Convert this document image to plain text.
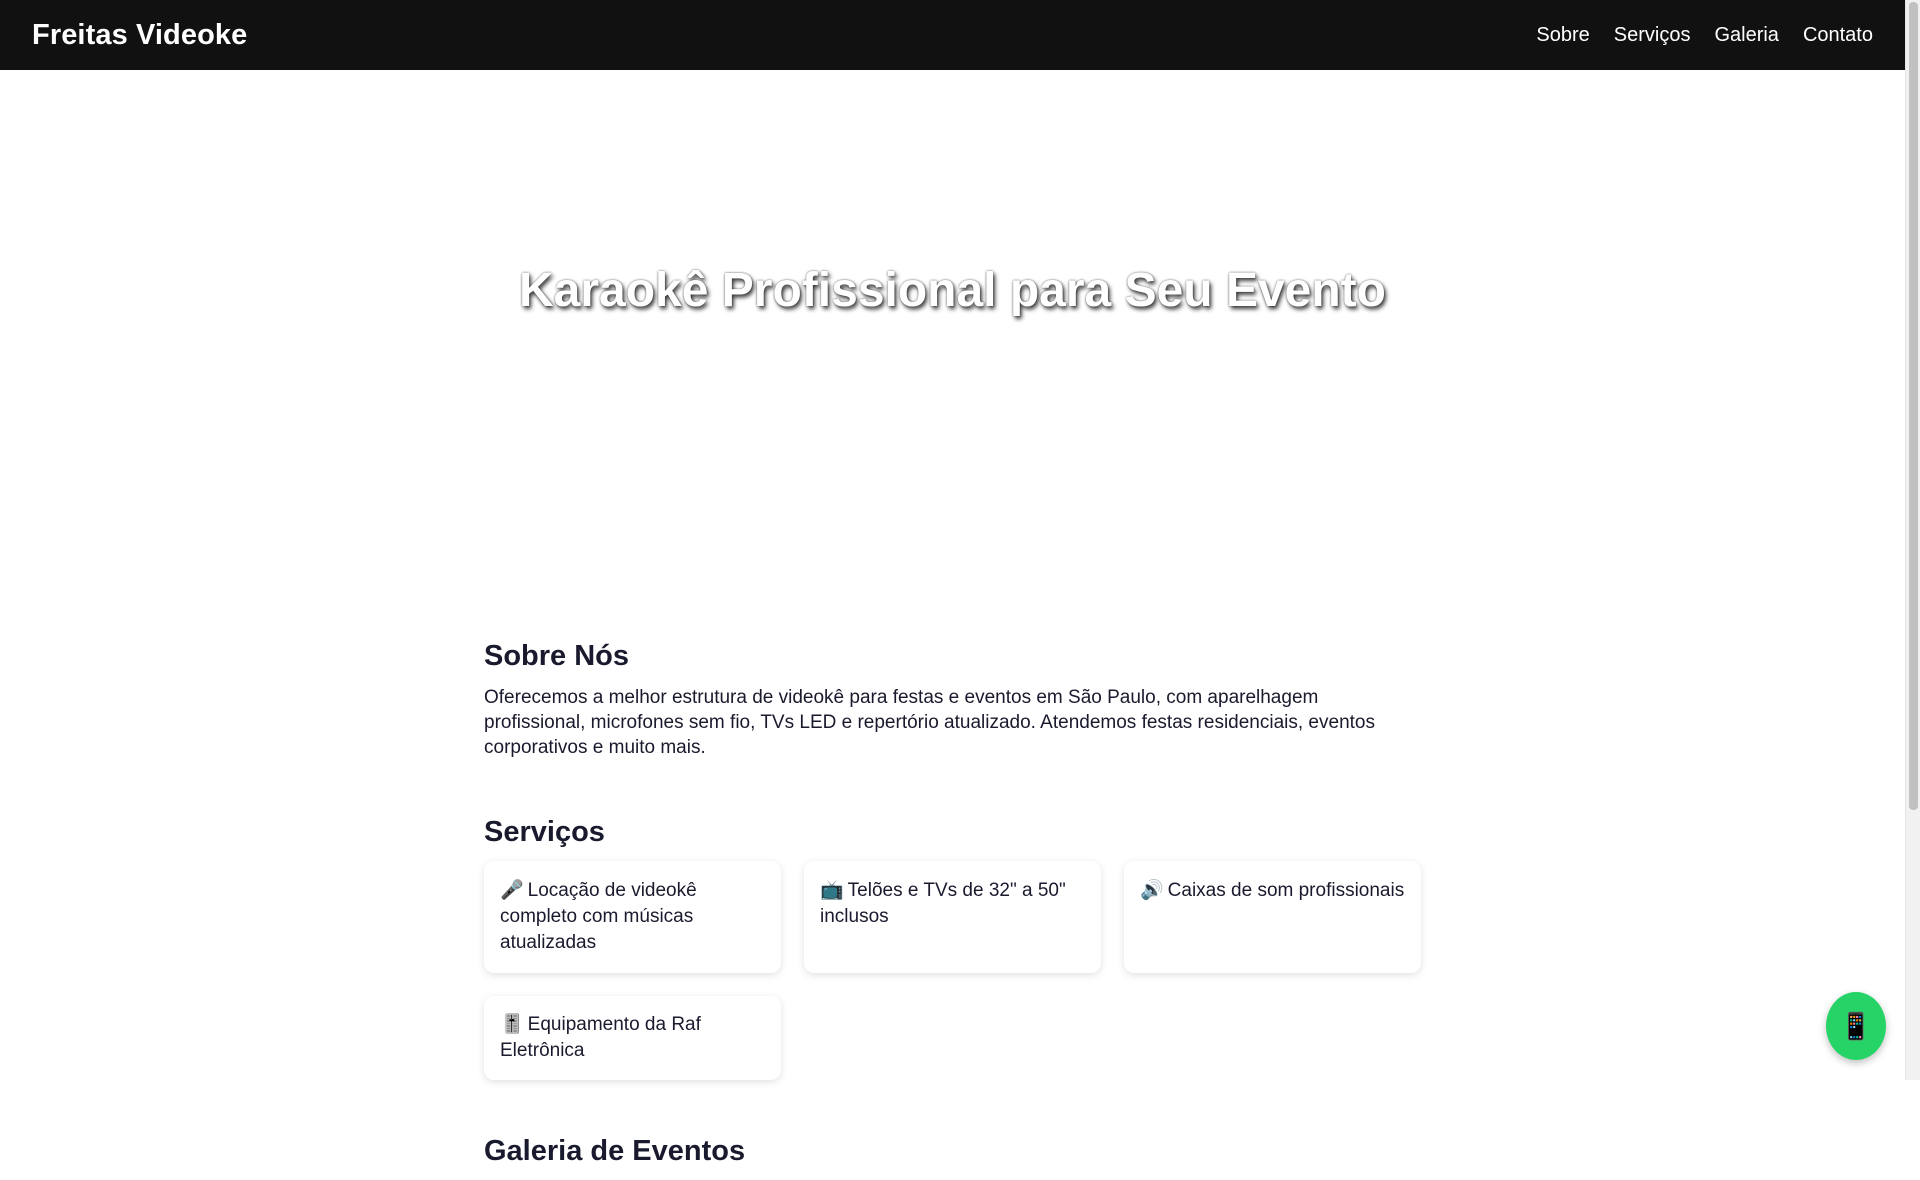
Freitas Videoke	Sobre Serviços Galeria Contato
Karaokê Profissional para Seu Evento
Sobre Nós

Oferecemos a melhor estrutura de videokê para festas e eventos em São Paulo, com aparelhagem profissional, microfones sem fio, TVs LED e repertório atualizado. Atendemos festas residenciais, eventos corporativos e muito mais.

Serviços
🎤 Locação de videokê completo com músicas atualizadas
📺 Telões e TVs de 32" a 50" inclusos
🔊 Caixas de som profissionais
🎚️ Equipamento da Raf Eletrônica
Galeria de Eventos
📱
